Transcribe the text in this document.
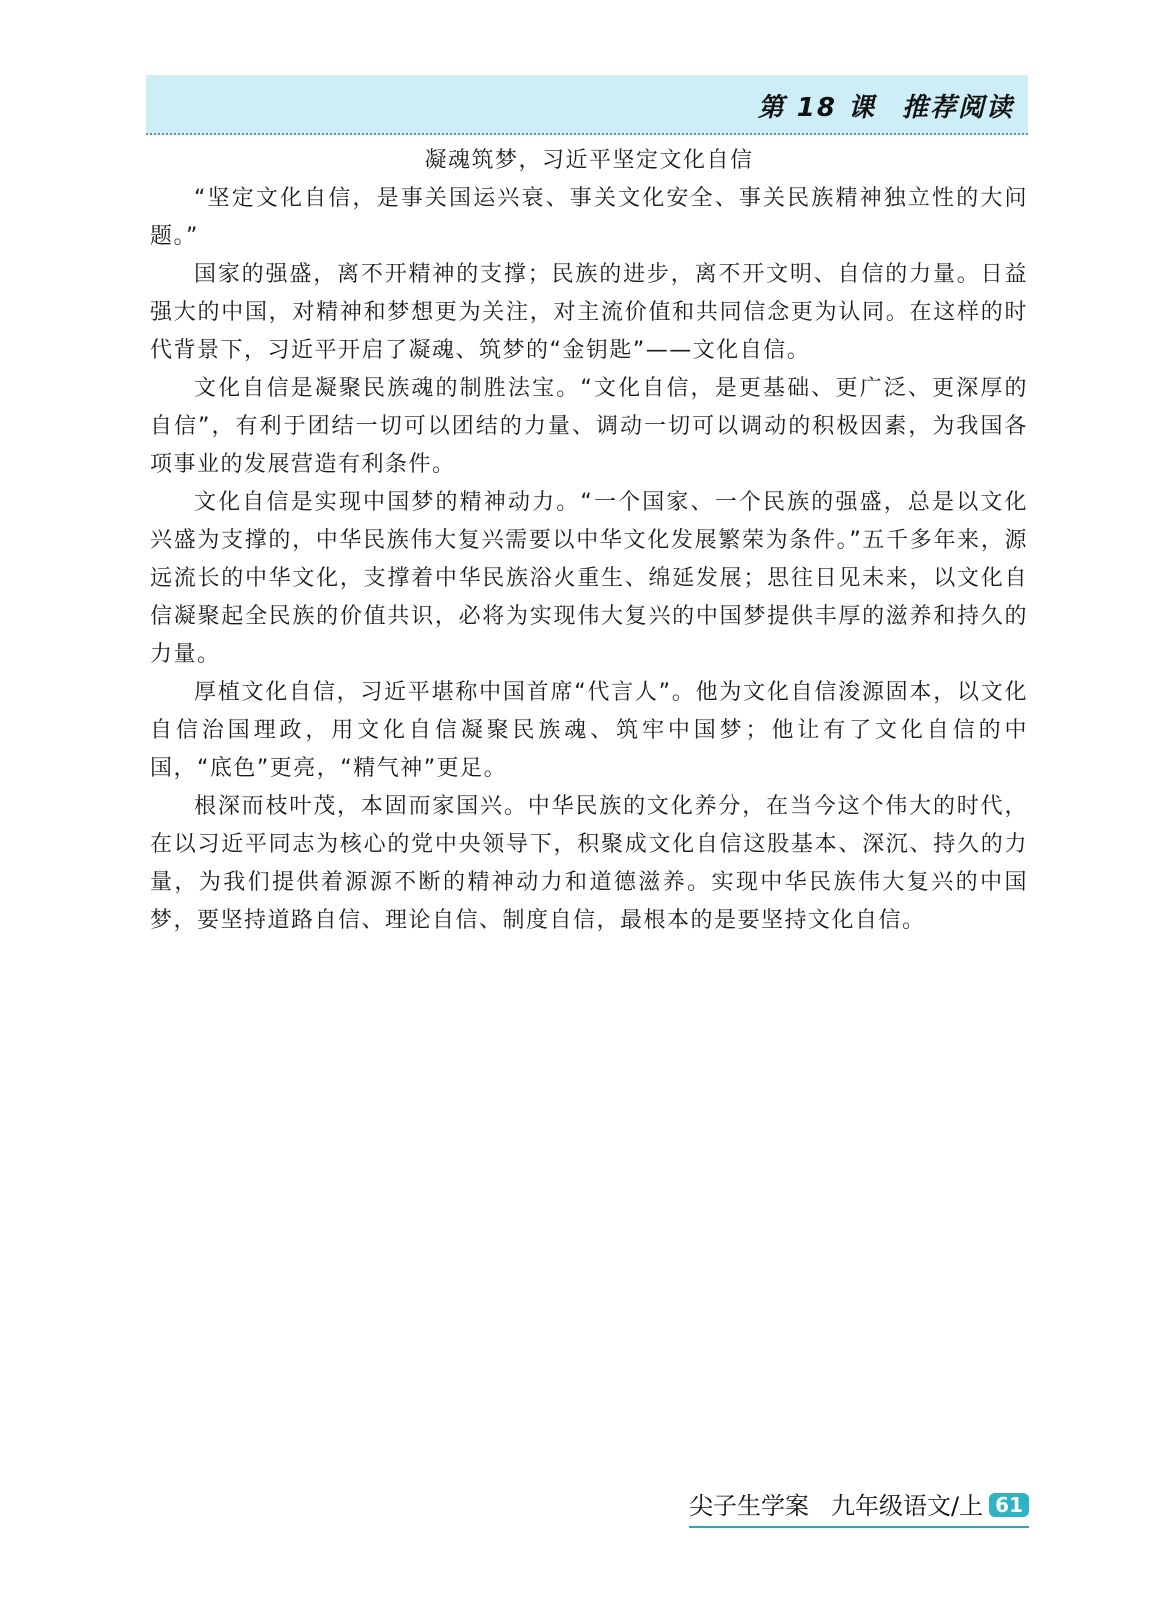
第 18 课 推荐阅读
凝魂筑梦，习近平坚定文化自信

“坚定文化自信，是事关国运兴衰、事关文化安全、事关民族精神独立性的大问题。”

国家的强盛，离不开精神的支撑；民族的进步，离不开文明、自信的力量。日益强大的中国，对精神和梦想更为关注，对主流价值和共同信念更为认同。在这样的时代背景下，习近平开启了凝魂、筑梦的“金钥匙”——文化自信。

文化自信是凝聚民族魂的制胜法宝。“文化自信，是更基础、更广泛、更深厚的自信”，有利于团结一切可以团结的力量、调动一切可以调动的积极因素，为我国各项事业的发展营造有利条件。

文化自信是实现中国梦的精神动力。“一个国家、一个民族的强盛，总是以文化兴盛为支撑的，中华民族伟大复兴需要以中华文化发展繁荣为条件。”五千多年来，源远流长的中华文化，支撑着中华民族浴火重生、绵延发展；思往日见未来，以文化自信凝聚起全民族的价值共识，必将为实现伟大复兴的中国梦提供丰厚的滋养和持久的力量。

厚植文化自信，习近平堪称中国首席“代言人”。他为文化自信浚源固本，以文化自信治国理政，用文化自信凝聚民族魂、筑牢中国梦；他让有了文化自信的中国，“底色”更亮，“精气神”更足。

根深而枝叶茂，本固而家国兴。中华民族的文化养分，在当今这个伟大的时代，在以习近平同志为核心的党中央领导下，积聚成文化自信这股基本、深沉、持久的力量，为我们提供着源源不断的精神动力和道德滋养。实现中华民族伟大复兴的中国梦，要坚持道路自信、理论自信、制度自信，最根本的是要坚持文化自信。

尖子生学案 九年级语文/上 61
